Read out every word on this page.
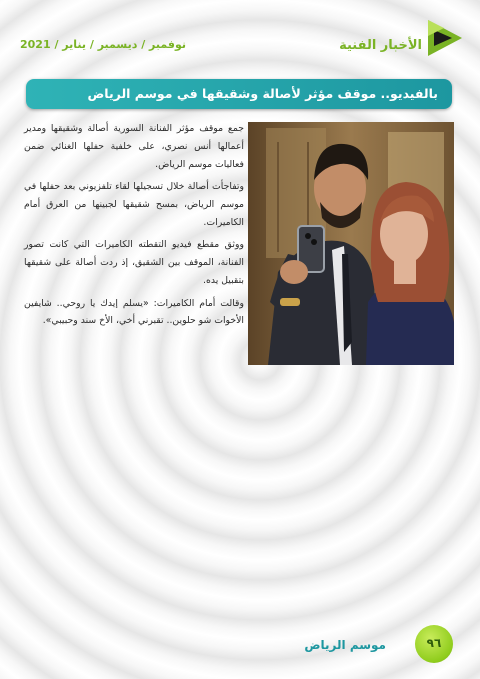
نوفمبر / ديسمبر / يناير / 2021	الأخبار الفنية
بالفيديو.. موقف مؤثر لأصالة وشقيقها في موسم الرياض

جمع موقف مؤثر الفنانة السورية أصالة وشقيقها ومدير أعمالها أنس نصري، على خلفية حفلها الغنائي ضمن فعاليات موسم الرياض.

وتفاجأت أصالة خلال تسجيلها لقاء تلفزيوني بعد حفلها في موسم الرياض، بمسح شقيقها لجبينها من العرق أمام الكاميرات.

ووثق مقطع فيديو التقطته الكاميرات التي كانت تصور الفنانة، الموقف بين الشقيق، إذ ردت أصالة على شقيقها بتقبيل يده.

وقالت أمام الكاميرات: «يسلم إيدك يا روحي.. شايفين الأخوات شو حلوين.. تقبرني أخي، الأخ سند وحبيبي».

موسم الرياض	٩٦
